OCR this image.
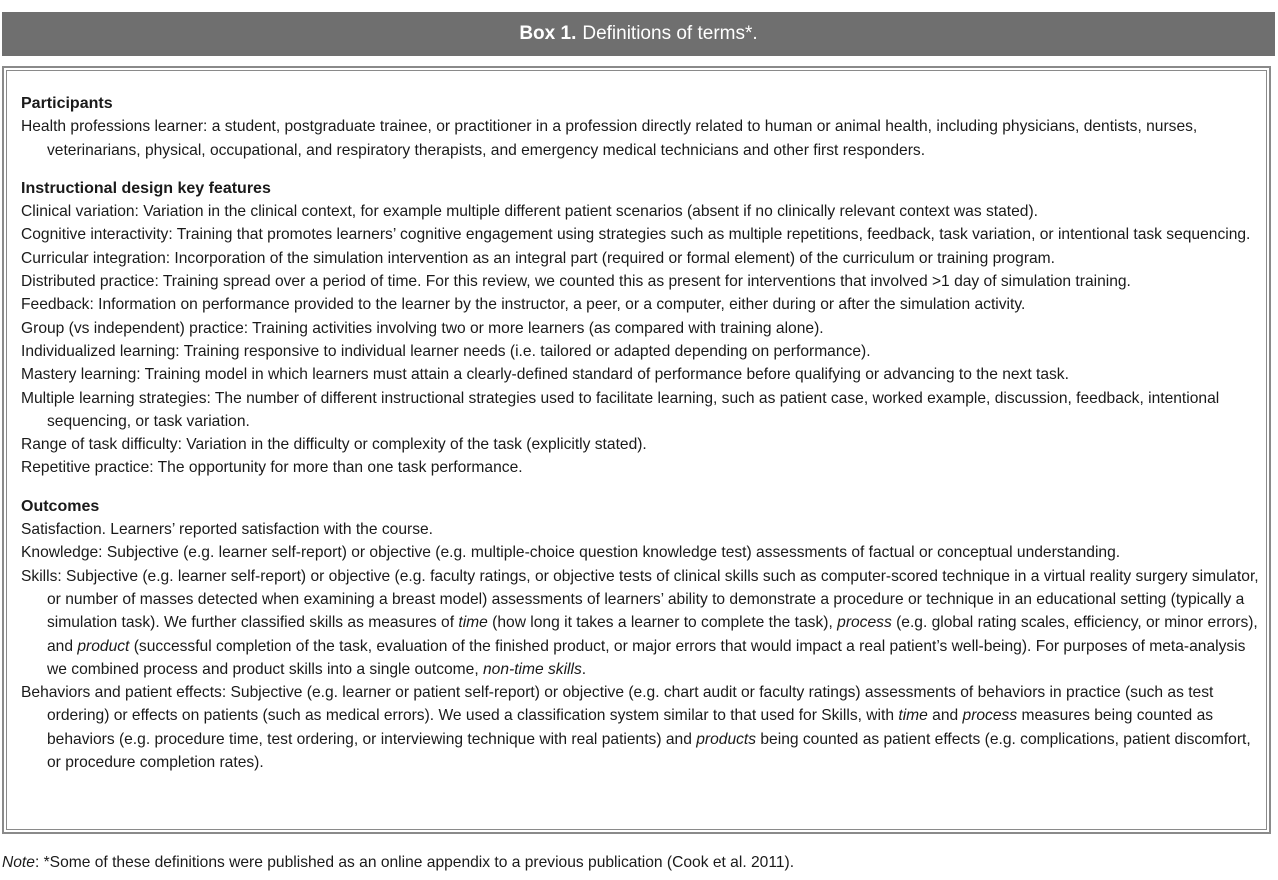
Box 1. Definitions of terms*.
Participants

Health professions learner: a student, postgraduate trainee, or practitioner in a profession directly related to human or animal health, including physicians, dentists, nurses, veterinarians, physical, occupational, and respiratory therapists, and emergency medical technicians and other first responders.

Instructional design key features

Clinical variation: Variation in the clinical context, for example multiple different patient scenarios (absent if no clinically relevant context was stated).

Cognitive interactivity: Training that promotes learners’ cognitive engagement using strategies such as multiple repetitions, feedback, task variation, or intentional task sequencing.

Curricular integration: Incorporation of the simulation intervention as an integral part (required or formal element) of the curriculum or training program.

Distributed practice: Training spread over a period of time. For this review, we counted this as present for interventions that involved >1 day of simulation training.

Feedback: Information on performance provided to the learner by the instructor, a peer, or a computer, either during or after the simulation activity.

Group (vs independent) practice: Training activities involving two or more learners (as compared with training alone).

Individualized learning: Training responsive to individual learner needs (i.e. tailored or adapted depending on performance).

Mastery learning: Training model in which learners must attain a clearly-defined standard of performance before qualifying or advancing to the next task.

Multiple learning strategies: The number of different instructional strategies used to facilitate learning, such as patient case, worked example, discussion, feedback, intentional sequencing, or task variation.

Range of task difficulty: Variation in the difficulty or complexity of the task (explicitly stated).

Repetitive practice: The opportunity for more than one task performance.

Outcomes

Satisfaction. Learners’ reported satisfaction with the course.

Knowledge: Subjective (e.g. learner self-report) or objective (e.g. multiple-choice question knowledge test) assessments of factual or conceptual understanding.

Skills: Subjective (e.g. learner self-report) or objective (e.g. faculty ratings, or objective tests of clinical skills such as computer-scored technique in a virtual reality surgery simulator, or number of masses detected when examining a breast model) assessments of learners’ ability to demonstrate a procedure or technique in an educational setting (typically a simulation task). We further classified skills as measures of time (how long it takes a learner to complete the task), process (e.g. global rating scales, efficiency, or minor errors), and product (successful completion of the task, evaluation of the finished product, or major errors that would impact a real patient’s well-being). For purposes of meta-analysis we combined process and product skills into a single outcome, non-time skills.

Behaviors and patient effects: Subjective (e.g. learner or patient self-report) or objective (e.g. chart audit or faculty ratings) assessments of behaviors in practice (such as test ordering) or effects on patients (such as medical errors). We used a classification system similar to that used for Skills, with time and process measures being counted as behaviors (e.g. procedure time, test ordering, or interviewing technique with real patients) and products being counted as patient effects (e.g. complications, patient discomfort, or procedure completion rates).

Note: *Some of these definitions were published as an online appendix to a previous publication (Cook et al. 2011).
